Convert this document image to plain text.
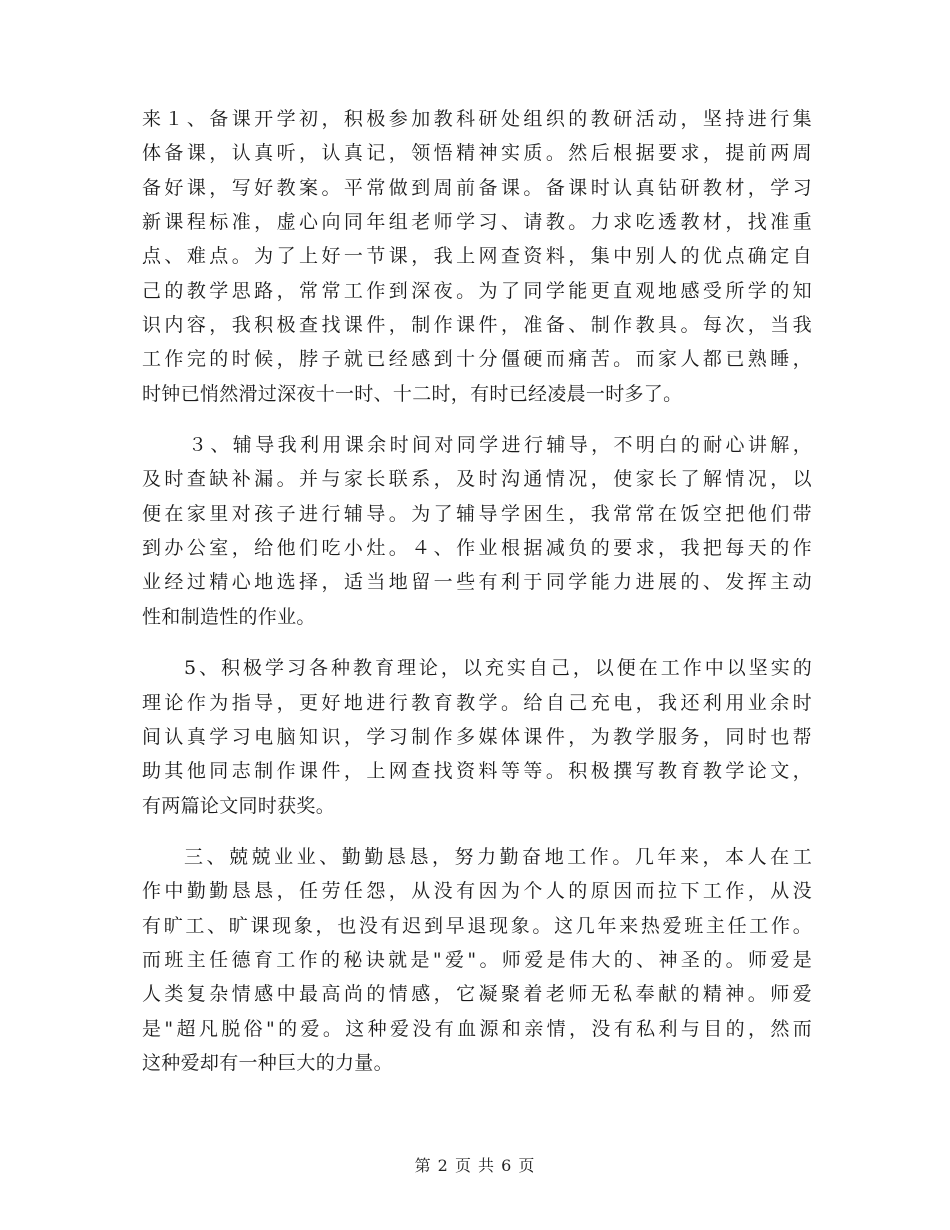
来１、备课开学初，积极参加教科研处组织的教研活动，坚持进行集
体备课，认真听，认真记，领悟精神实质。然后根据要求，提前两周
备好课，写好教案。平常做到周前备课。备课时认真钻研教材，学习
新课程标准，虚心向同年组老师学习、请教。力求吃透教材，找准重
点、难点。为了上好一节课，我上网查资料，集中别人的优点确定自
己的教学思路，常常工作到深夜。为了同学能更直观地感受所学的知
识内容，我积极查找课件，制作课件，准备、制作教具。每次，当我
工作完的时候，脖子就已经感到十分僵硬而痛苦。而家人都已熟睡，
时钟已悄然滑过深夜十一时、十二时，有时已经凌晨一时多了。
３、辅导我利用课余时间对同学进行辅导，不明白的耐心讲解，
及时查缺补漏。并与家长联系，及时沟通情况，使家长了解情况，以
便在家里对孩子进行辅导。为了辅导学困生，我常常在饭空把他们带
到办公室，给他们吃小灶。４、作业根据减负的要求，我把每天的作
业经过精心地选择，适当地留一些有利于同学能力进展的、发挥主动
性和制造性的作业。
5、积极学习各种教育理论，以充实自己，以便在工作中以坚实的
理论作为指导，更好地进行教育教学。给自己充电，我还利用业余时
间认真学习电脑知识，学习制作多媒体课件，为教学服务，同时也帮
助其他同志制作课件，上网查找资料等等。积极撰写教育教学论文，
有两篇论文同时获奖。
三、兢兢业业、勤勤恳恳，努力勤奋地工作。几年来，本人在工
作中勤勤恳恳，任劳任怨，从没有因为个人的原因而拉下工作，从没
有旷工、旷课现象，也没有迟到早退现象。这几年来热爱班主任工作。
而班主任德育工作的秘诀就是"爱"。师爱是伟大的、神圣的。师爱是
人类复杂情感中最高尚的情感，它凝聚着老师无私奉献的精神。师爱
是"超凡脱俗"的爱。这种爱没有血源和亲情，没有私利与目的，然而
这种爱却有一种巨大的力量。
第 2 页 共 6 页
